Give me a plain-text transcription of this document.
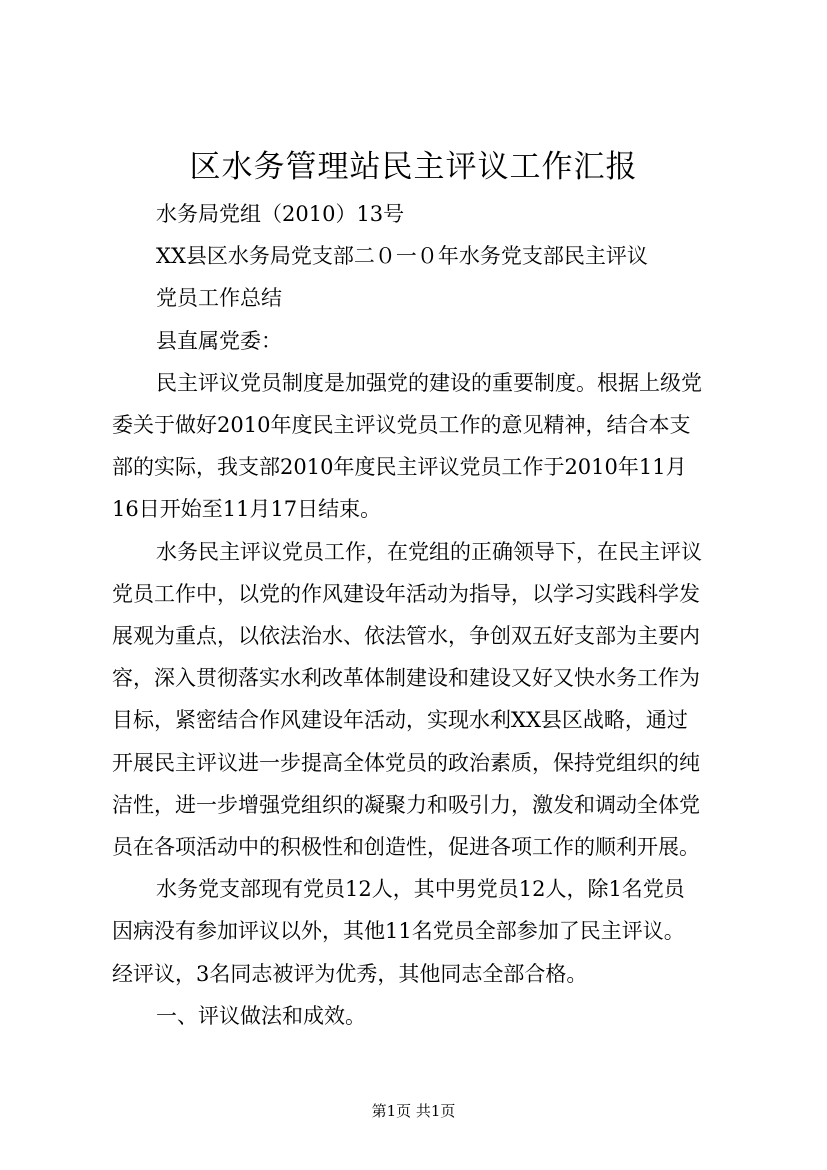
区水务管理站民主评议工作汇报

水务局党组（2010）13号

XX县区水务局党支部二０一０年水务党支部民主评议

党员工作总结

县直属党委：

民主评议党员制度是加强党的建设的重要制度。根据上级党

委关于做好2010年度民主评议党员工作的意见精神，结合本支

部的实际，我支部2010年度民主评议党员工作于2010年11月

16日开始至11月17日结束。

水务民主评议党员工作，在党组的正确领导下，在民主评议

党员工作中，以党的作风建设年活动为指导，以学习实践科学发

展观为重点，以依法治水、依法管水，争创双五好支部为主要内

容，深入贯彻落实水利改革体制建设和建设又好又快水务工作为

目标，紧密结合作风建设年活动，实现水利XX县区战略，通过

开展民主评议进一步提高全体党员的政治素质，保持党组织的纯

洁性，进一步增强党组织的凝聚力和吸引力，激发和调动全体党

员在各项活动中的积极性和创造性，促进各项工作的顺利开展。

水务党支部现有党员12人，其中男党员12人，除1名党员

因病没有参加评议以外，其他11名党员全部参加了民主评议。

经评议，3名同志被评为优秀，其他同志全部合格。

一、评议做法和成效。

第1页 共1页
